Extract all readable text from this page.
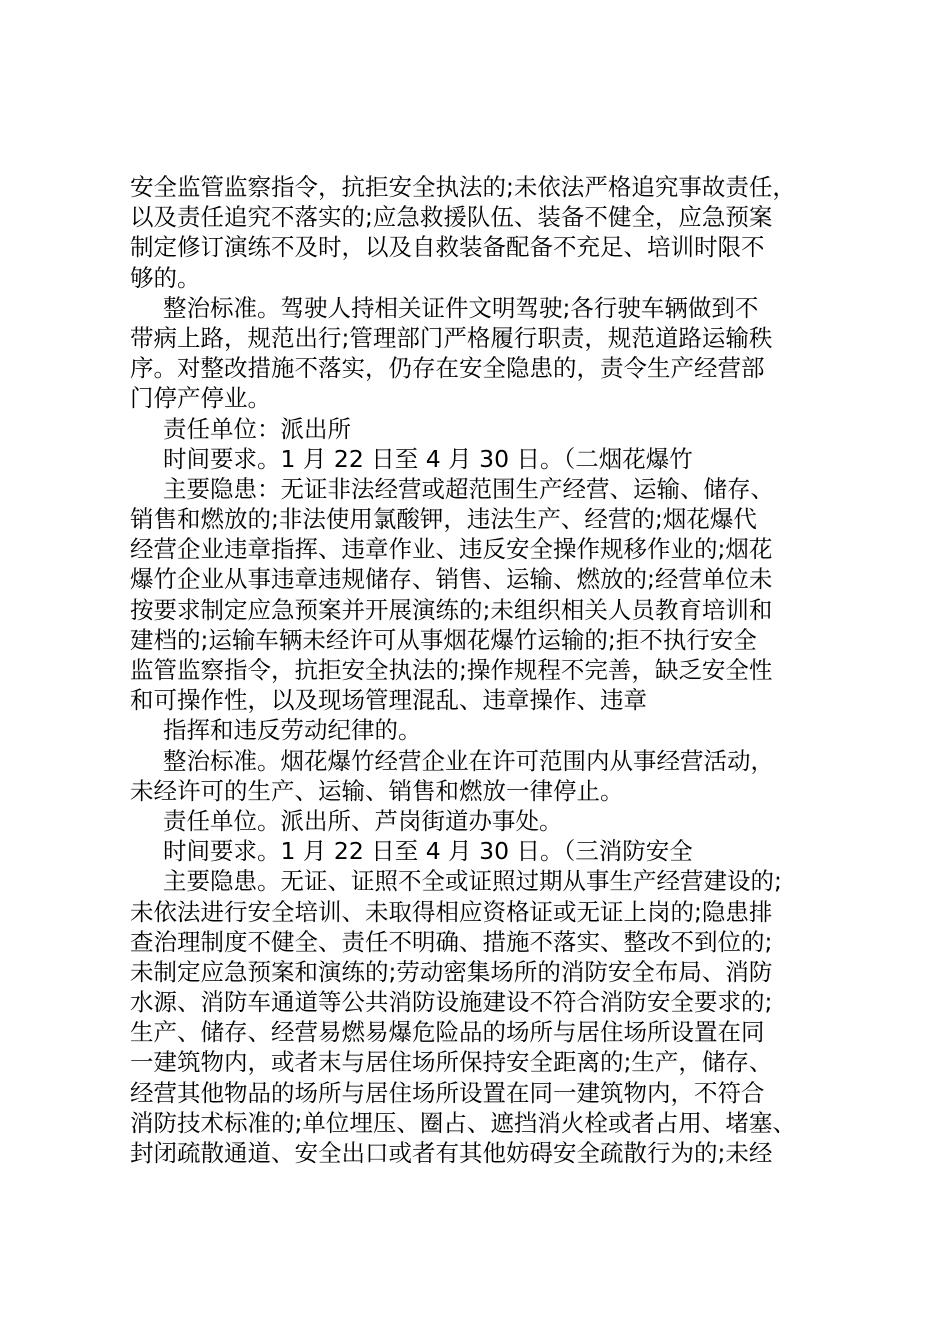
安全监管监察指令，抗拒安全执法的;未依法严格追究事故责任，
以及责任追究不落实的;应急救援队伍、装备不健全，应急预案
制定修订演练不及时，以及自救装备配备不充足、培训时限不
够的。
整治标准。驾驶人持相关证件文明驾驶;各行驶车辆做到不
带病上路，规范出行;管理部门严格履行职责，规范道路运输秩
序。对整改措施不落实，仍存在安全隐患的，责令生产经营部
门停产停业。
责任单位：派出所
时间要求。1 月 22 日至 4 月 30 日。（二烟花爆竹
主要隐患：无证非法经营或超范围生产经营、运输、储存、
销售和燃放的;非法使用氯酸钾，违法生产、经营的;烟花爆代
经营企业违章指挥、违章作业、违反安全操作规移作业的;烟花
爆竹企业从事违章违规储存、销售、运输、燃放的;经营单位未
按要求制定应急预案并开展演练的;未组织相关人员教育培训和
建档的;运输车辆未经许可从事烟花爆竹运输的;拒不执行安全
监管监察指令，抗拒安全执法的;操作规程不完善，缺乏安全性
和可操作性，以及现场管理混乱、违章操作、违章
指挥和违反劳动纪律的。
整治标准。烟花爆竹经营企业在许可范围内从事经营活动，
未经许可的生产、运输、销售和燃放一律停止。
责任单位。派出所、芦岗街道办事处。
时间要求。1 月 22 日至 4 月 30 日。（三消防安全
主要隐患。无证、证照不全或证照过期从事生产经营建设的;
未依法进行安全培训、未取得相应资格证或无证上岗的;隐患排
查治理制度不健全、责任不明确、措施不落实、整改不到位的;
未制定应急预案和演练的;劳动密集场所的消防安全布局、消防
水源、消防车通道等公共消防设施建设不符合消防安全要求的;
生产、储存、经营易燃易爆危险品的场所与居住场所设置在同
一建筑物内，或者末与居住场所保持安全距离的;生产，储存、
经营其他物品的场所与居住场所设置在同一建筑物内，不符合
消防技术标准的;单位埋压、圈占、遮挡消火栓或者占用、堵塞、
封闭疏散通道、安全出口或者有其他妨碍安全疏散行为的;未经
